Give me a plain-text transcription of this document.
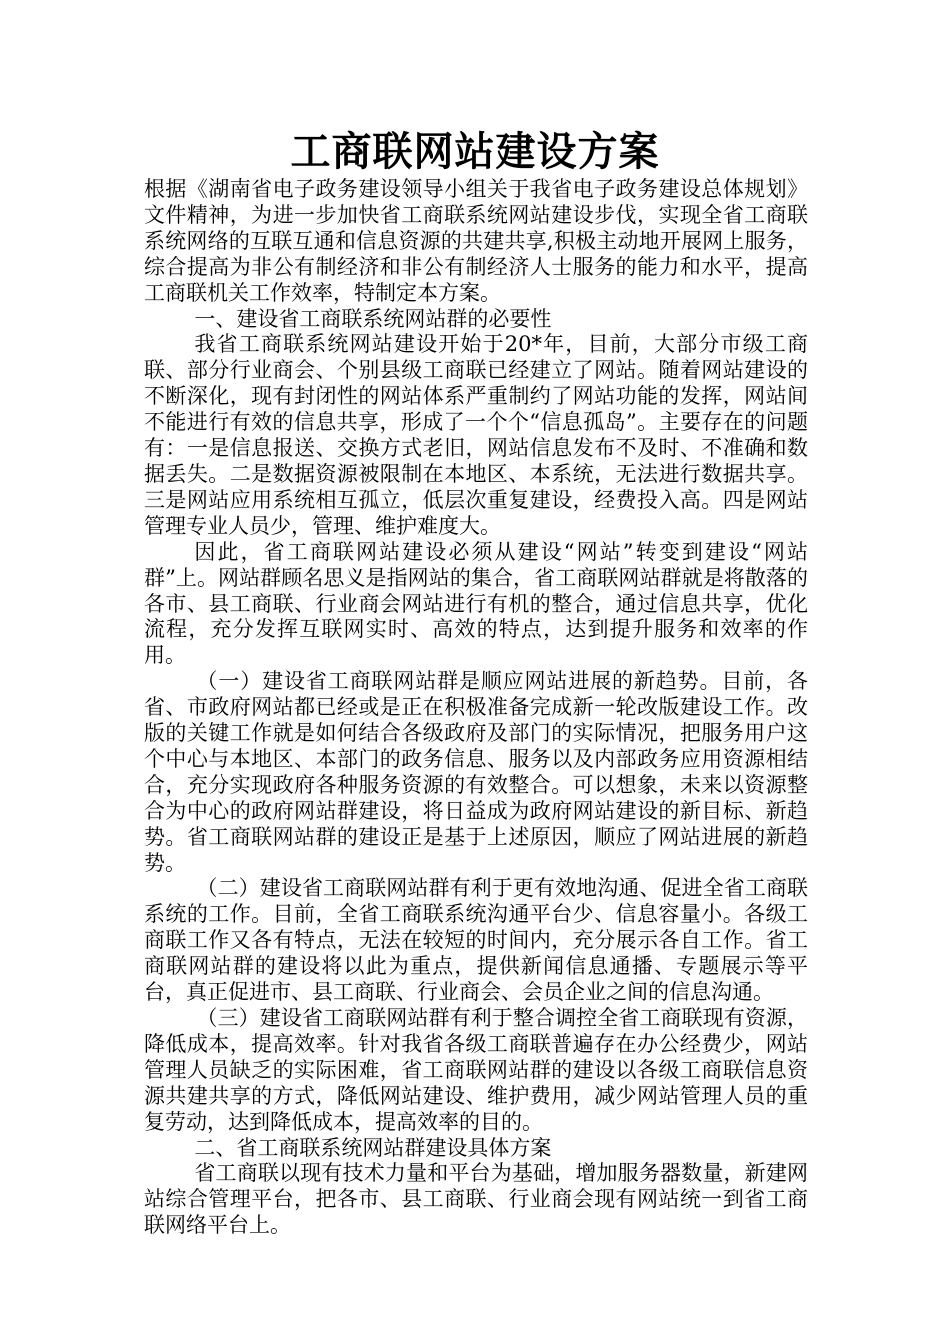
工商联网站建设方案

根据《湖南省电子政务建设领导小组关于我省电子政务建设总体规划》文件精神，为进一步加快省工商联系统网站建设步伐，实现全省工商联系统网络的互联互通和信息资源的共建共享,积极主动地开展网上服务，综合提高为非公有制经济和非公有制经济人士服务的能力和水平，提高工商联机关工作效率，特制定本方案。

一、建设省工商联系统网站群的必要性

我省工商联系统网站建设开始于20*年，目前，大部分市级工商联、部分行业商会、个别县级工商联已经建立了网站。随着网站建设的不断深化，现有封闭性的网站体系严重制约了网站功能的发挥，网站间不能进行有效的信息共享，形成了一个个“信息孤岛”。主要存在的问题有：一是信息报送、交换方式老旧，网站信息发布不及时、不准确和数据丢失。二是数据资源被限制在本地区、本系统，无法进行数据共享。三是网站应用系统相互孤立，低层次重复建设，经费投入高。四是网站管理专业人员少，管理、维护难度大。

因此，省工商联网站建设必须从建设“网站”转变到建设“网站群”上。网站群顾名思义是指网站的集合，省工商联网站群就是将散落的各市、县工商联、行业商会网站进行有机的整合，通过信息共享，优化流程，充分发挥互联网实时、高效的特点，达到提升服务和效率的作用。

（一）建设省工商联网站群是顺应网站进展的新趋势。目前，各省、市政府网站都已经或是正在积极准备完成新一轮改版建设工作。改版的关键工作就是如何结合各级政府及部门的实际情况，把服务用户这个中心与本地区、本部门的政务信息、服务以及内部政务应用资源相结合，充分实现政府各种服务资源的有效整合。可以想象，未来以资源整合为中心的政府网站群建设，将日益成为政府网站建设的新目标、新趋势。省工商联网站群的建设正是基于上述原因，顺应了网站进展的新趋势。

（二）建设省工商联网站群有利于更有效地沟通、促进全省工商联系统的工作。目前，全省工商联系统沟通平台少、信息容量小。各级工商联工作又各有特点，无法在较短的时间内，充分展示各自工作。省工商联网站群的建设将以此为重点，提供新闻信息通播、专题展示等平台，真正促进市、县工商联、行业商会、会员企业之间的信息沟通。

（三）建设省工商联网站群有利于整合调控全省工商联现有资源，降低成本，提高效率。针对我省各级工商联普遍存在办公经费少，网站管理人员缺乏的实际困难，省工商联网站群的建设以各级工商联信息资源共建共享的方式，降低网站建设、维护费用，减少网站管理人员的重复劳动，达到降低成本，提高效率的目的。

二、省工商联系统网站群建设具体方案

省工商联以现有技术力量和平台为基础，增加服务器数量，新建网站综合管理平台，把各市、县工商联、行业商会现有网站统一到省工商联网络平台上。
